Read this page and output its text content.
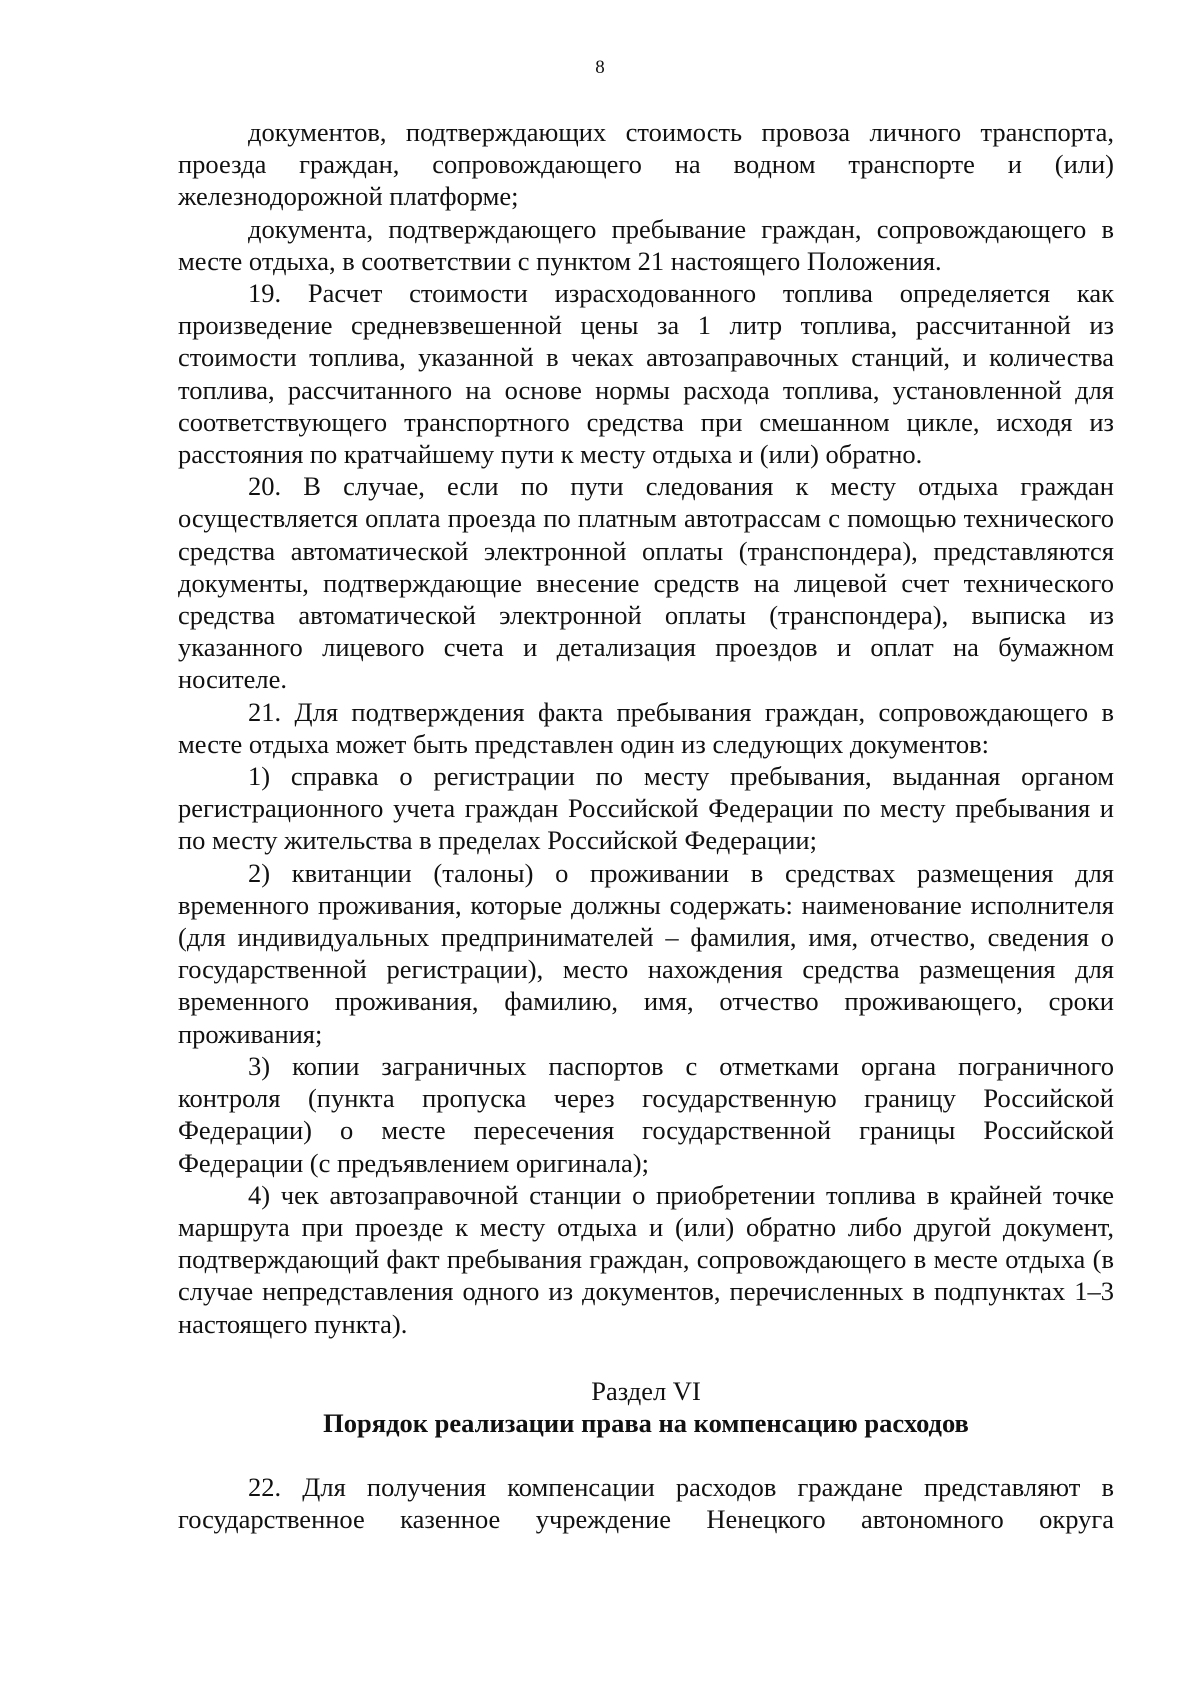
8

документов, подтверждающих стоимость провоза личного транспорта, проезда граждан, сопровождающего на водном транспорте и (или) железнодорожной платформе;

документа, подтверждающего пребывание граждан, сопровождающего в месте отдыха, в соответствии с пунктом 21 настоящего Положения.

19. Расчет стоимости израсходованного топлива определяется как произведение средневзвешенной цены за 1 литр топлива, рассчитанной из стоимости топлива, указанной в чеках автозаправочных станций, и количества топлива, рассчитанного на основе нормы расхода топлива, установленной для соответствующего транспортного средства при смешанном цикле, исходя из расстояния по кратчайшему пути к месту отдыха и (или) обратно.

20. В случае, если по пути следования к месту отдыха граждан осуществляется оплата проезда по платным автотрассам с помощью технического средства автоматической электронной оплаты (транспондера), представляются документы, подтверждающие внесение средств на лицевой счет технического средства автоматической электронной оплаты (транспондера), выписка из указанного лицевого счета и детализация проездов и оплат на бумажном носителе.

21. Для подтверждения факта пребывания граждан, сопровождающего в месте отдыха может быть представлен один из следующих документов:

1) справка о регистрации по месту пребывания, выданная органом регистрационного учета граждан Российской Федерации по месту пребывания и по месту жительства в пределах Российской Федерации;

2) квитанции (талоны) о проживании в средствах размещения для временного проживания, которые должны содержать: наименование исполнителя (для индивидуальных предпринимателей – фамилия, имя, отчество, сведения о государственной регистрации), место нахождения средства размещения для временного проживания, фамилию, имя, отчество проживающего, сроки проживания;

3) копии заграничных паспортов с отметками органа пограничного контроля (пункта пропуска через государственную границу Российской Федерации) о месте пересечения государственной границы Российской Федерации (с предъявлением оригинала);

4) чек автозаправочной станции о приобретении топлива в крайней точке маршрута при проезде к месту отдыха и (или) обратно либо другой документ, подтверждающий факт пребывания граждан, сопровождающего в месте отдыха (в случае непредставления одного из документов, перечисленных в подпунктах 1–3 настоящего пункта).

Раздел VI

Порядок реализации права на компенсацию расходов

22. Для получения компенсации расходов граждане представляют в государственное казенное учреждение Ненецкого автономного округа
